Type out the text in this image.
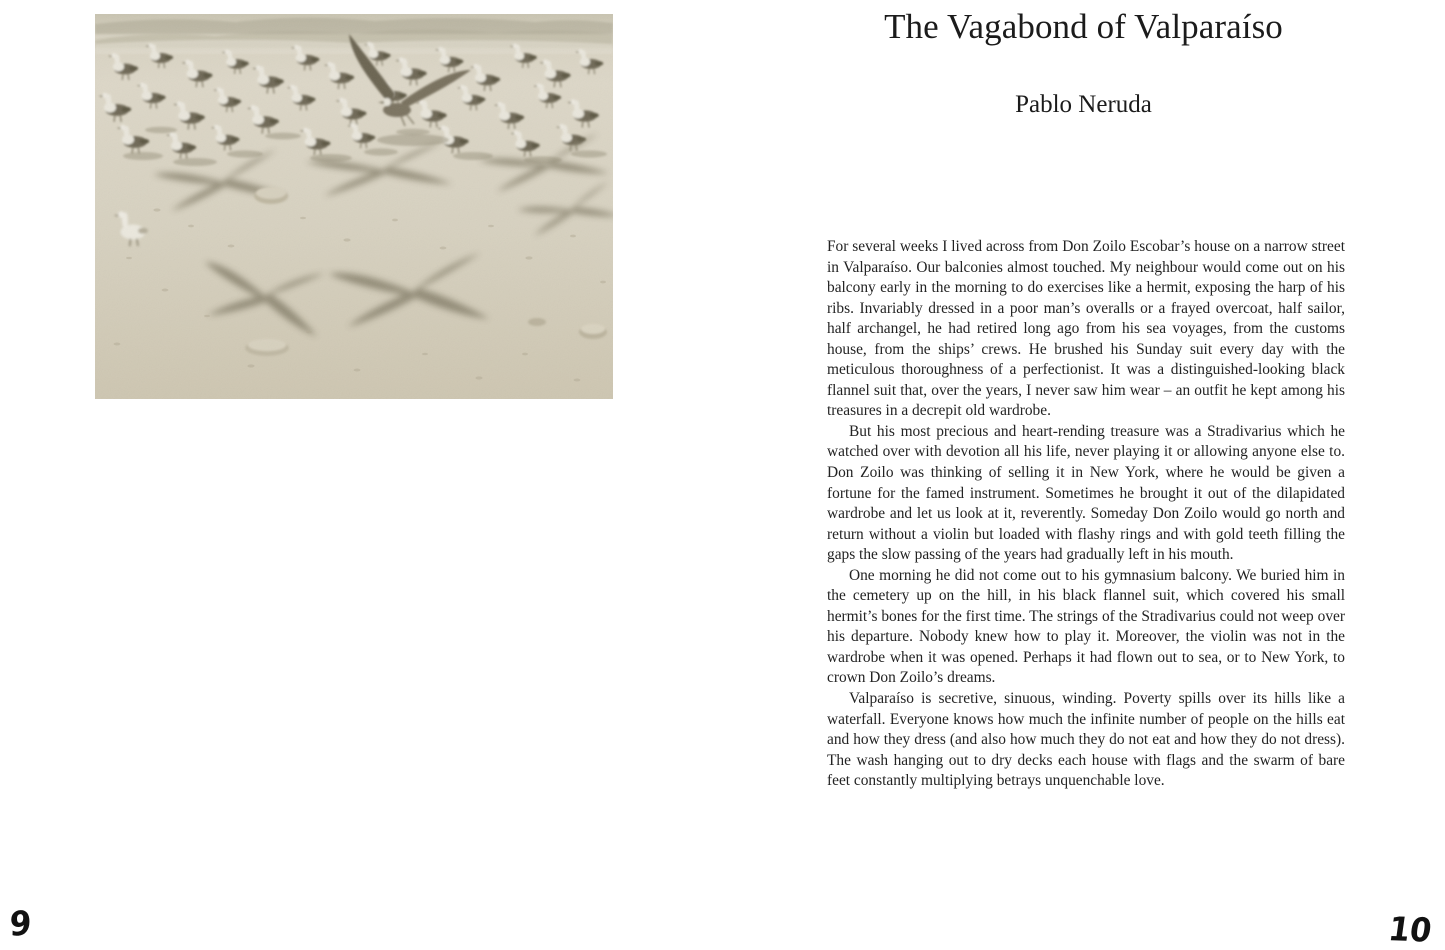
9
The Vagabond of Valparaíso
Pablo Neruda

For several weeks I lived across from Don Zoilo Escobar’s house on a narrow street in Valparaíso. Our balconies almost touched. My neighbour would come out on his balcony early in the morning to do exercises like a hermit, exposing the harp of his ribs. Invariably dressed in a poor man’s overalls or a frayed overcoat, half sailor, half archangel, he had retired long ago from his sea voyages, from the customs house, from the ships’ crews. He brushed his Sunday suit every day with the meticulous thoroughness of a perfectionist. It was a distinguished-looking black flannel suit that, over the years, I never saw him wear – an outfit he kept among his treasures in a decrepit old wardrobe.

But his most precious and heart-rending treasure was a Stradivarius which he watched over with devotion all his life, never playing it or allowing anyone else to. Don Zoilo was thinking of selling it in New York, where he would be given a fortune for the famed instrument. Sometimes he brought it out of the dilapidated wardrobe and let us look at it, reverently. Someday Don Zoilo would go north and return without a violin but loaded with flashy rings and with gold teeth filling the gaps the slow passing of the years had gradually left in his mouth.

One morning he did not come out to his gymnasium balcony. We buried him in the cemetery up on the hill, in his black flannel suit, which covered his small hermit’s bones for the first time. The strings of the Stradivarius could not weep over his departure. Nobody knew how to play it. Moreover, the violin was not in the wardrobe when it was opened. Perhaps it had flown out to sea, or to New York, to crown Don Zoilo’s dreams.

Valparaíso is secretive, sinuous, winding. Poverty spills over its hills like a waterfall. Everyone knows how much the infinite number of people on the hills eat and how they dress (and also how much they do not eat and how they do not dress). The wash hanging out to dry decks each house with flags and the swarm of bare feet constantly multiplying betrays unquenchable love.

10
